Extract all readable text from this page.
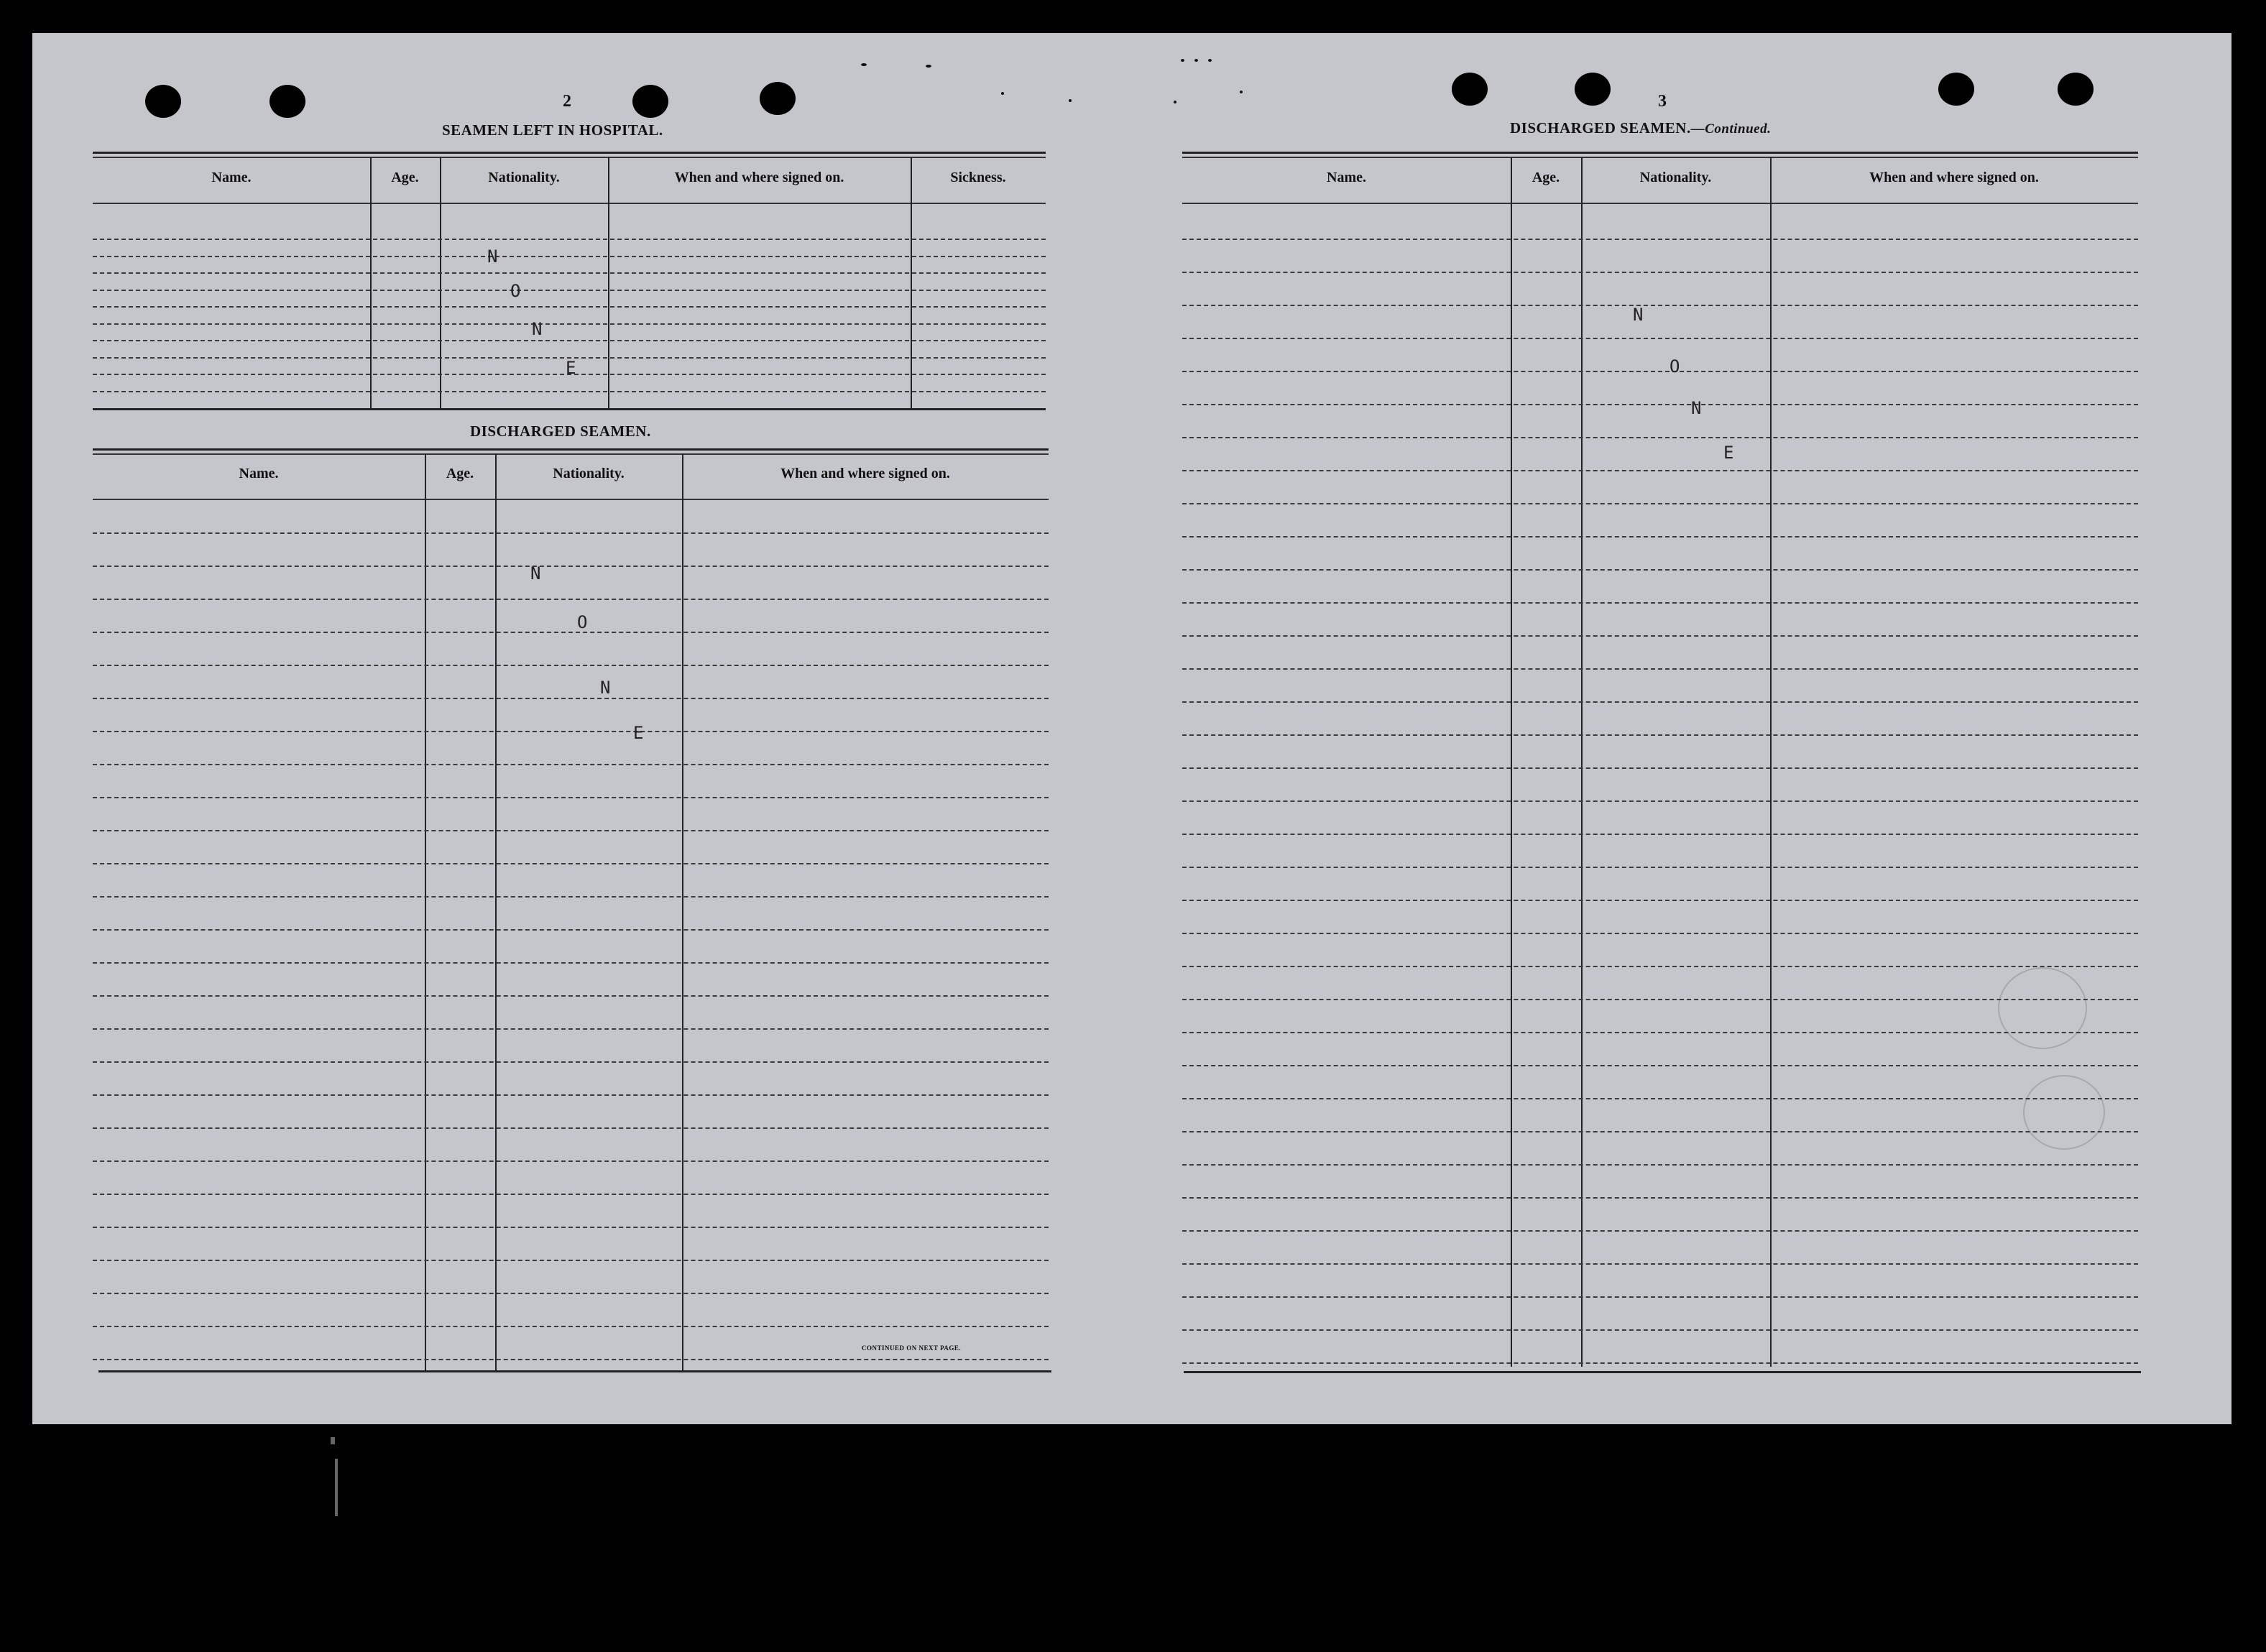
2
SEAMEN LEFT IN HOSPITAL.
Name.	Age.	Nationality.	When and where signed on.	Sickness.
N
O
N
E
DISCHARGED SEAMEN.
Name.	Age.	Nationality.	When and where signed on.
N
O
N
E
CONTINUED ON NEXT PAGE.
3
DISCHARGED SEAMEN.—Continued.
Name.	Age.	Nationality.	When and where signed on.
N
O
N
E
